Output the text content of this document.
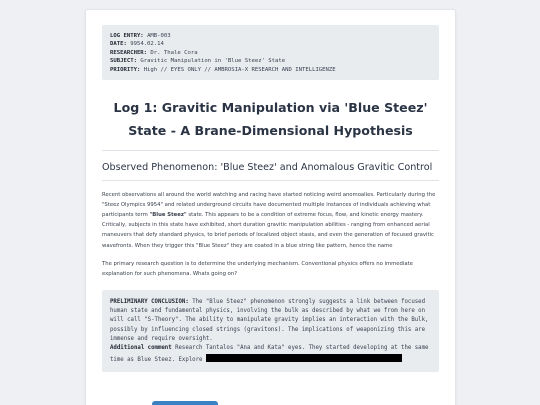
LOG ENTRY: AMB-003
DATE: 9954.02.14
RESEARCHER: Dr. Thale Cora
SUBJECT: Gravitic Manipulation in 'Blue Steez' State
PRIORITY: High // EYES ONLY // AMBROSIA-X RESEARCH AND INTELLIGENZE
Log 1: Gravitic Manipulation via 'Blue Steez' State - A Brane-Dimensional Hypothesis
Observed Phenomenon: 'Blue Steez' and Anomalous Gravitic Control

Recent observations all around the world watching and racing have started noticing weird anomoalies. Particularly during the "Steez Olympics 9954" and related underground circuits have documented multiple instances of individuals achieving what participants term "Blue Steez" state. This appears to be a condition of extreme focus, flow, and kinetic energy mastery. Critically, subjects in this state have exhibited, short duration gravitic manipulation abilities - ranging from enhanced aerial maneuvers that defy standard physics, to brief periods of localized object stasis, and even the generation of focused gravitic wavefronts. When they trigger this "Blue Steez" they are coated in a blue string like pattern, hence the name

The primary research question is to determine the underlying mechanism. Conventional physics offers no immediate explanation for such phenomena. Whats going on?

PRELIMINARY CONCLUSION: The "Blue Steez" phenomenon strongly suggests a link between focused human state and fundamental physics, involving the bulk as described by what we from here on will call "S-Theory". The ability to manipulate gravity implies an interaction with the Bulk, possibly by influencing closed strings (gravitons). The implications of weaponizing this are immense and require oversight.
Additional comment Research Tantalos "Ana and Kata" eyes. They started developing at the same time as Blue Steez. Explore
